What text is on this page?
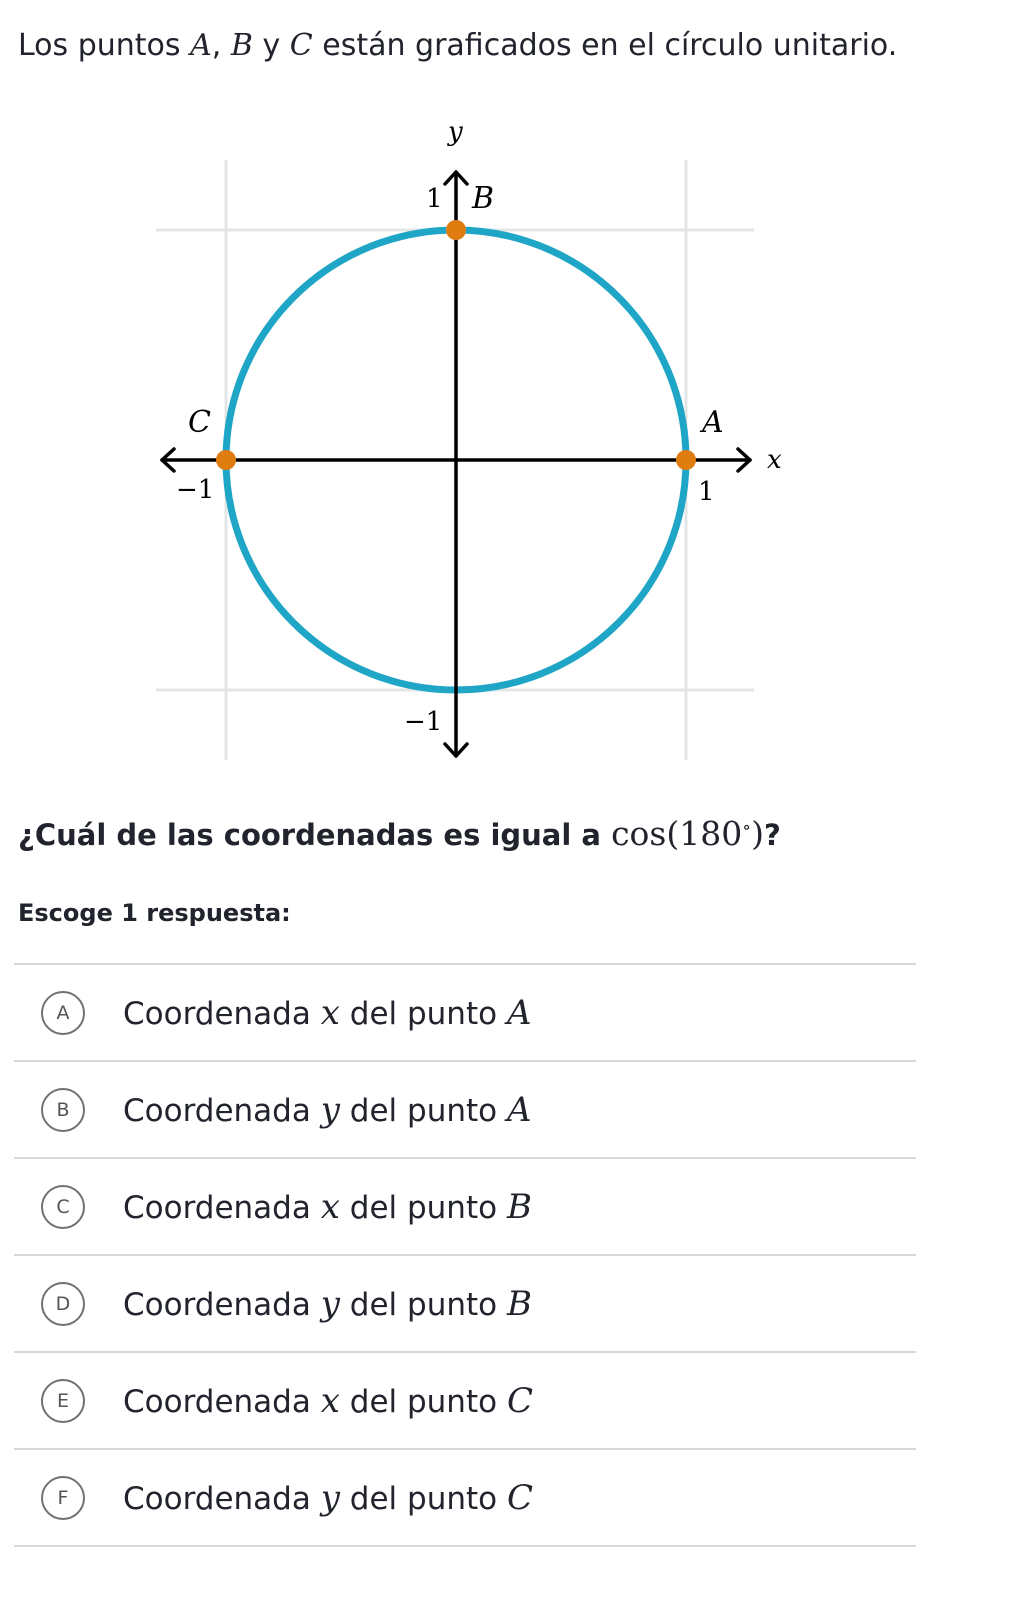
Los puntos A, B y C están graficados en el círculo unitario.
x
y
−1	1
1
−1
A
B
C
¿Cuál de las coordenadas es igual a cos(180∘)?
Escoge 1 respuesta:
A	Coordenada x del punto A
B	Coordenada y del punto A
C	Coordenada x del punto B
D	Coordenada y del punto B
E	Coordenada x del punto C
F	Coordenada y del punto C
